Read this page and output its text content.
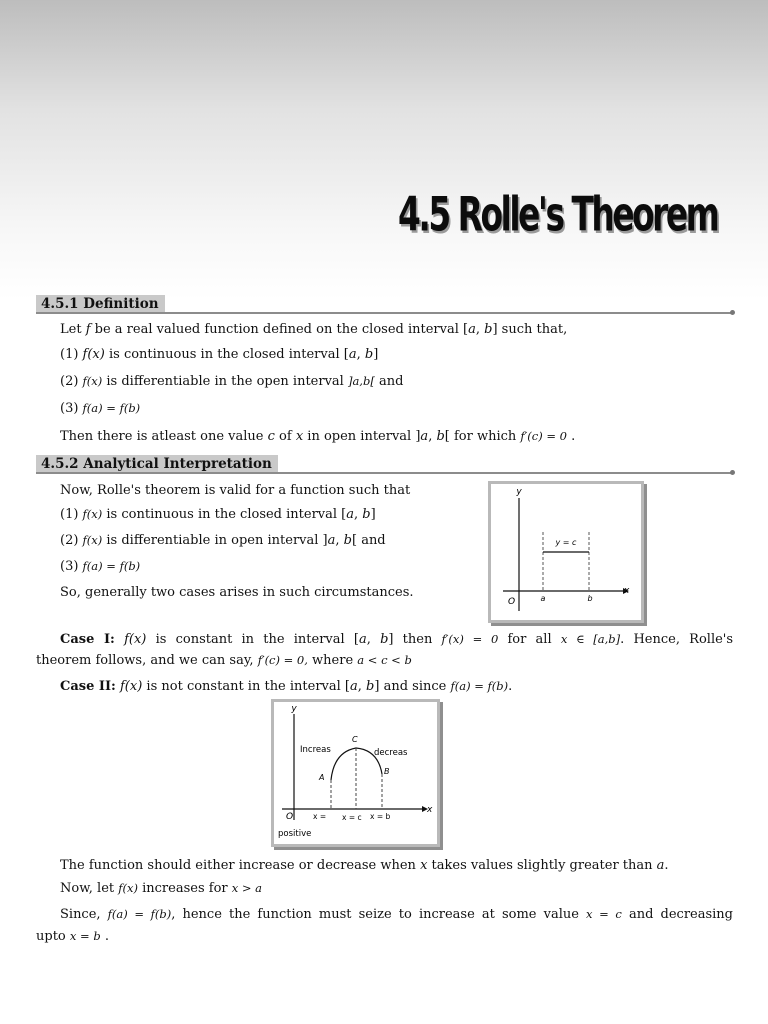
4.5 Rolle's Theorem
4.5.1 Definition
Let f be a real valued function defined on the closed interval [a, b] such that,
(1) f(x) is continuous in the closed interval [a, b]
(2) f(x) is differentiable in the open interval ]a,b[ and
(3) f(a) = f(b)
Then there is atleast one value c of x in open interval ]a, b[ for which f′(c) = 0 .
4.5.2 Analytical Interpretation
Now, Rolle's theorem is valid for a function such that
(1) f(x) is continuous in the closed interval [a, b]
(2) f(x) is differentiable in open interval ]a, b[ and
(3) f(a) = f(b)
So, generally two cases arises in such circumstances.
y
x
O	a	b
y = c
Case I: f(x) is constant in the interval [a, b] then f′(x) = 0 for all x ∈ [a,b]. Hence, Rolle's
theorem follows, and we can say, f′(c) = 0, where a < c < b
Case II: f(x) is not constant in the interval [a, b] and since f(a) = f(b).
y
x
O
C
A
B
Increas	decreas
x = x = c x = b
positive
The function should either increase or decrease when x takes values slightly greater than a.
Now, let f(x) increases for x > a
Since, f(a) = f(b), hence the function must seize to increase at some value x = c and decreasing
upto x = b .
